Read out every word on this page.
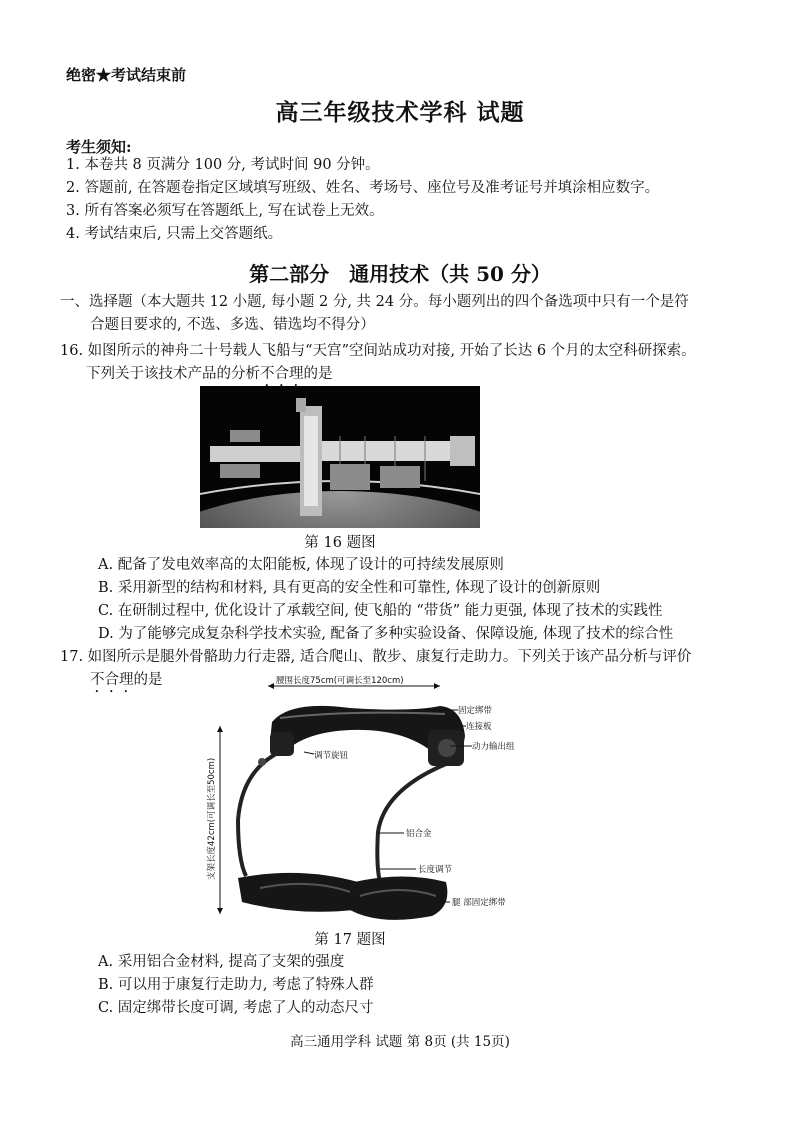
绝密★考试结束前
高三年级技术学科 试题
考生须知:
1. 本卷共 8 页满分 100 分, 考试时间 90 分钟。
2. 答题前, 在答题卷指定区域填写班级、姓名、考场号、座位号及准考证号并填涂相应数字。
3. 所有答案必须写在答题纸上, 写在试卷上无效。
4. 考试结束后, 只需上交答题纸。
第二部分　通用技术（共 50 分）
一、选择题（本大题共 12 小题, 每小题 2 分, 共 24 分。每小题列出的四个备选项中只有一个是符
合题目要求的, 不选、多选、错选均不得分）
16. 如图所示的神舟二十号载人飞船与“天宫”空间站成功对接, 开始了长达 6 个月的太空科研探索。
下列关于该技术产品的分析不合理的是
第 16 题图
A. 配备了发电效率高的太阳能板, 体现了设计的可持续发展原则
B. 采用新型的结构和材料, 具有更高的安全性和可靠性, 体现了设计的创新原则
C. 在研制过程中, 优化设计了承载空间, 使飞船的 “带货” 能力更强, 体现了技术的实践性
D. 为了能够完成复杂科学技术实验, 配备了多种实验设备、保障设施, 体现了技术的综合性
17. 如图所示是腿外骨骼助力行走器, 适合爬山、散步、康复行走助力。下列关于该产品分析与评价
不合理的是	腰围长度75cm(可调长至120cm)
支架长度42cm(可调长至50cm)
固定绑带
连接板
动力输出组
调节旋钮
铝合金
长度调节
腿 部固定绑带
第 17 题图
A. 采用铝合金材料, 提高了支架的强度
B. 可以用于康复行走助力, 考虑了特殊人群
C. 固定绑带长度可调, 考虑了人的动态尺寸
高三通用学科 试题 第 8页 (共 15页)
